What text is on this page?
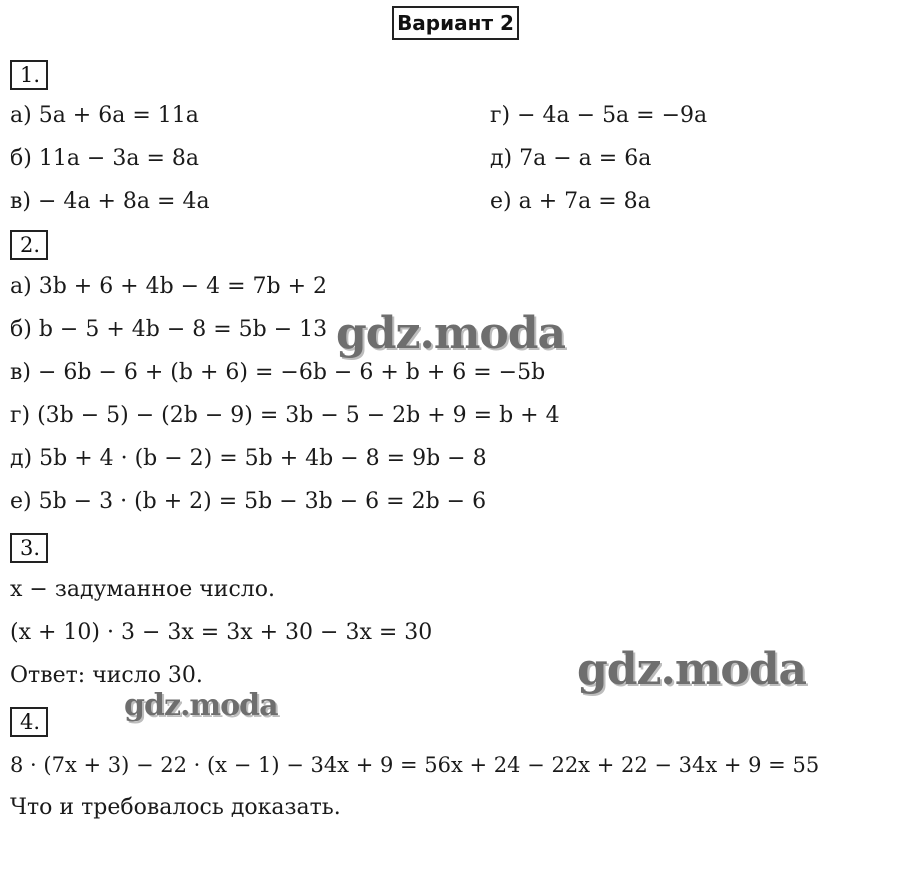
Вариант 2
1.
а) 5a + 6a = 11a
б) 11a − 3a = 8a
в) − 4a + 8a = 4a
г) − 4a − 5a = −9a
д) 7a − a = 6a
е) a + 7a = 8a
2.
а) 3b + 6 + 4b − 4 = 7b + 2
б) b − 5 + 4b − 8 = 5b − 13
в) − 6b − 6 + (b + 6) = −6b − 6 + b + 6 = −5b
г) (3b − 5) − (2b − 9) = 3b − 5 − 2b + 9 = b + 4
д) 5b + 4 · (b − 2) = 5b + 4b − 8 = 9b − 8
е) 5b − 3 · (b + 2) = 5b − 3b − 6 = 2b − 6
3.
x − задуманное число.
(x + 10) · 3 − 3x = 3x + 30 − 3x = 30
Ответ: число 30.
4.
8 · (7x + 3) − 22 · (x − 1) − 34x + 9 = 56x + 24 − 22x + 22 − 34x + 9 = 55
Что и требовалось доказать.
gdz.moda
gdz.moda
gdz.moda
